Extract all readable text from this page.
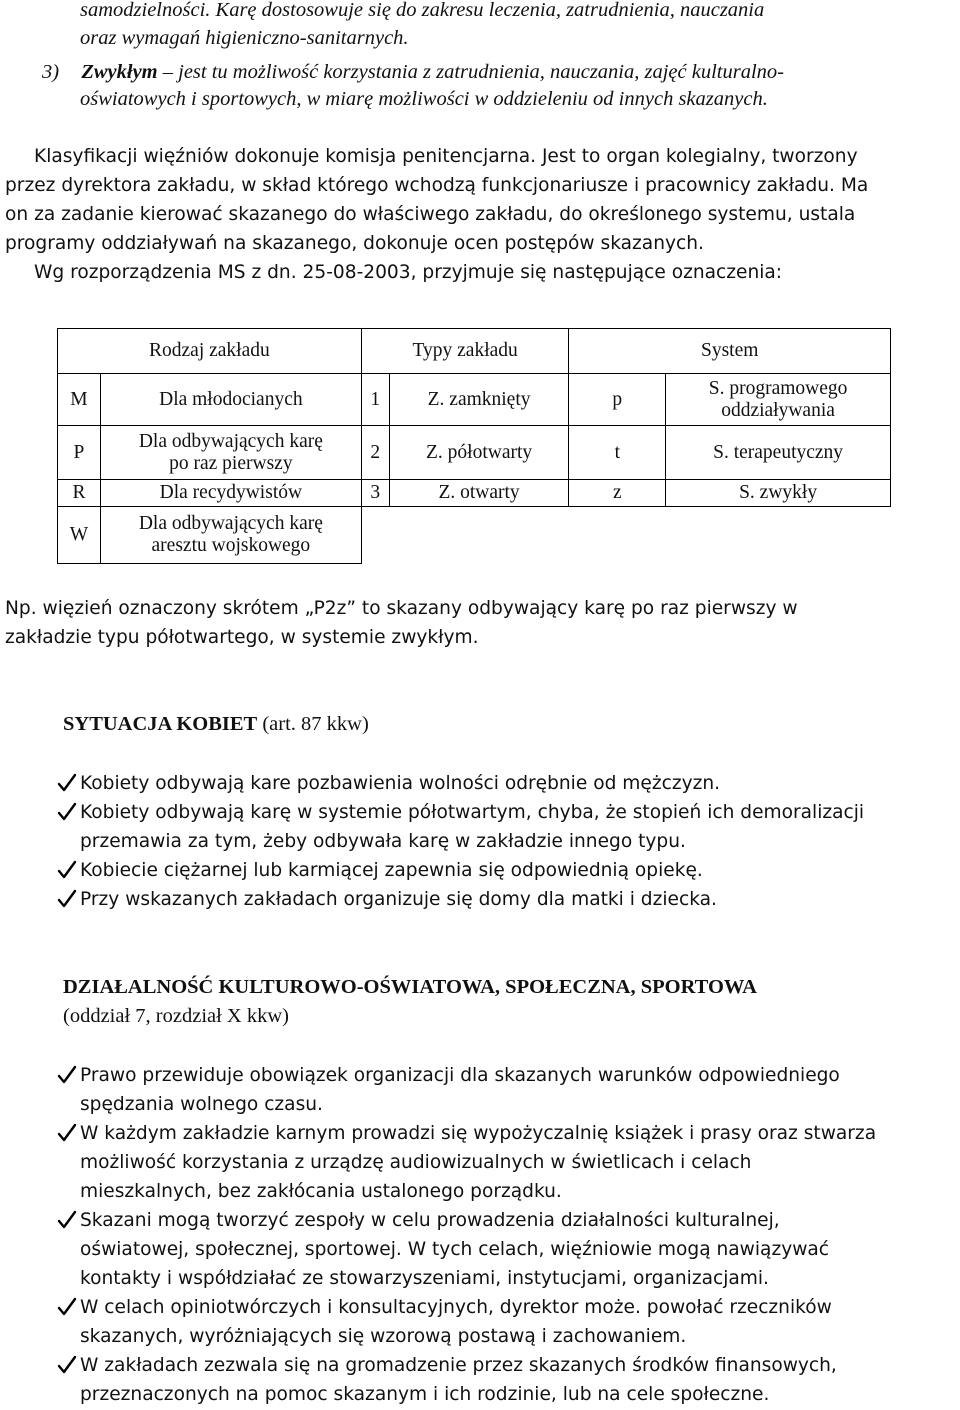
samodzielności. Karę dostosowuje się do zakresu leczenia, zatrudnienia, nauczania
oraz wymagań higieniczno-sanitarnych.
3) Zwykłym – jest tu możliwość korzystania z zatrudnienia, nauczania, zajęć kulturalno-
oświatowych i sportowych, w miarę możliwości w oddzieleniu od innych skazanych.
Klasyfikacji więźniów dokonuje komisja penitencjarna. Jest to organ kolegialny, tworzony
przez dyrektora zakładu, w skład którego wchodzą funkcjonariusze i pracownicy zakładu. Ma
on za zadanie kierować skazanego do właściwego zakładu, do określonego systemu, ustala
programy oddziaływań na skazanego, dokonuje ocen postępów skazanych.
Wg rozporządzenia MS z dn. 25-08-2003, przyjmuje się następujące oznaczenia:
Rodzaj zakładu		Typy zakładu		System	
M	Dla młodocianych	1	Z. zamknięty	p	S. programowego oddziaływania
P	Dla odbywających karę po raz pierwszy	2	Z. półotwarty	t	S. terapeutyczny
R	Dla recydywistów	3	Z. otwarty	z	S. zwykły
W	Dla odbywających karę aresztu wojskowego				
Np. więzień oznaczony skrótem „P2z” to skazany odbywający karę po raz pierwszy w
zakładzie typu półotwartego, w systemie zwykłym.
SYTUACJA KOBIET (art. 87 kkw)
Kobiety odbywają kare pozbawienia wolności odrębnie od mężczyzn.
Kobiety odbywają karę w systemie półotwartym, chyba, że stopień ich demoralizacji
przemawia za tym, żeby odbywała karę w zakładzie innego typu.
Kobiecie ciężarnej lub karmiącej zapewnia się odpowiednią opiekę.
Przy wskazanych zakładach organizuje się domy dla matki i dziecka.
DZIAŁALNOŚĆ KULTUROWO-OŚWIATOWA, SPOŁECZNA, SPORTOWA
(oddział 7, rozdział X kkw)
Prawo przewiduje obowiązek organizacji dla skazanych warunków odpowiedniego
spędzania wolnego czasu.
W każdym zakładzie karnym prowadzi się wypożyczalnię książek i prasy oraz stwarza
możliwość korzystania z urządzę audiowizualnych w świetlicach i celach
mieszkalnych, bez zakłócania ustalonego porządku.
Skazani mogą tworzyć zespoły w celu prowadzenia działalności kulturalnej,
oświatowej, społecznej, sportowej. W tych celach, więźniowie mogą nawiązywać
kontakty i współdziałać ze stowarzyszeniami, instytucjami, organizacjami.
W celach opiniotwórczych i konsultacyjnych, dyrektor może. powołać rzeczników
skazanych, wyróżniających się wzorową postawą i zachowaniem.
W zakładach zezwala się na gromadzenie przez skazanych środków finansowych,
przeznaczonych na pomoc skazanym i ich rodzinie, lub na cele społeczne.
